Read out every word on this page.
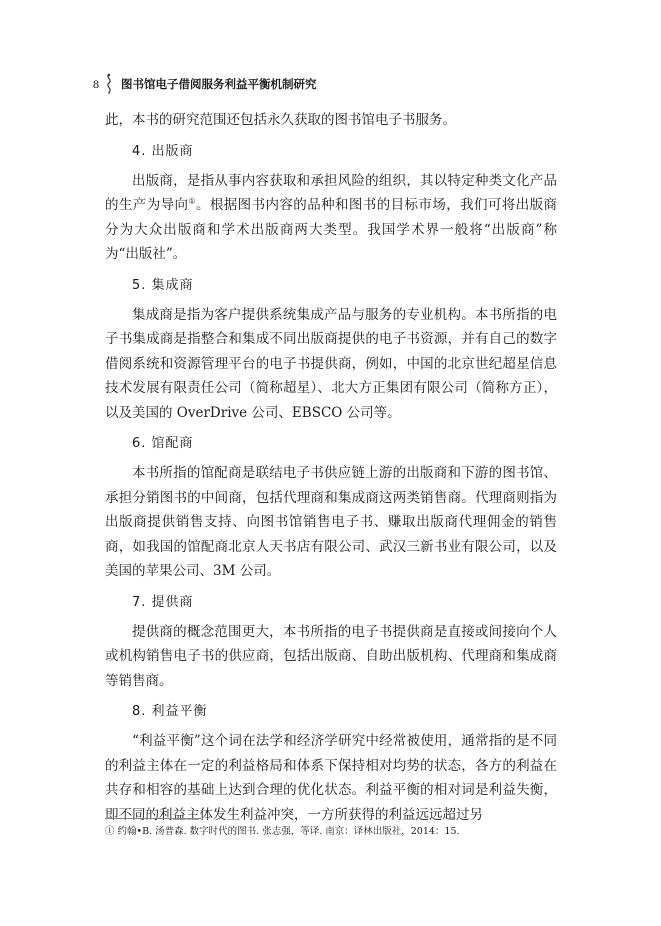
8 图书馆电子借阅服务利益平衡机制研究

此，本书的研究范围还包括永久获取的图书馆电子书服务。

4. 出版商

出版商，是指从事内容获取和承担风险的组织，其以特定种类文化产品的生产为导向①。根据图书内容的品种和图书的目标市场，我们可将出版商分为大众出版商和学术出版商两大类型。我国学术界一般将“出版商”称为“出版社”。

5. 集成商

集成商是指为客户提供系统集成产品与服务的专业机构。本书所指的电子书集成商是指整合和集成不同出版商提供的电子书资源，并有自己的数字借阅系统和资源管理平台的电子书提供商，例如，中国的北京世纪超星信息技术发展有限责任公司（简称超星）、北大方正集团有限公司（简称方正），以及美国的 OverDrive 公司、EBSCO 公司等。

6. 馆配商

本书所指的馆配商是联结电子书供应链上游的出版商和下游的图书馆、承担分销图书的中间商，包括代理商和集成商这两类销售商。代理商则指为出版商提供销售支持、向图书馆销售电子书、赚取出版商代理佣金的销售商，如我国的馆配商北京人天书店有限公司、武汉三新书业有限公司，以及美国的苹果公司、3M 公司。

7. 提供商

提供商的概念范围更大，本书所指的电子书提供商是直接或间接向个人或机构销售电子书的供应商，包括出版商、自助出版机构、代理商和集成商等销售商。

8. 利益平衡

“利益平衡”这个词在法学和经济学研究中经常被使用，通常指的是不同的利益主体在一定的利益格局和体系下保持相对均势的状态，各方的利益在共存和相容的基础上达到合理的优化状态。利益平衡的相对词是利益失衡，即不同的利益主体发生利益冲突，一方所获得的利益远远超过另

① 约翰•B. 汤普森. 数字时代的图书. 张志强，等译. 南京：译林出版社，2014：15.
